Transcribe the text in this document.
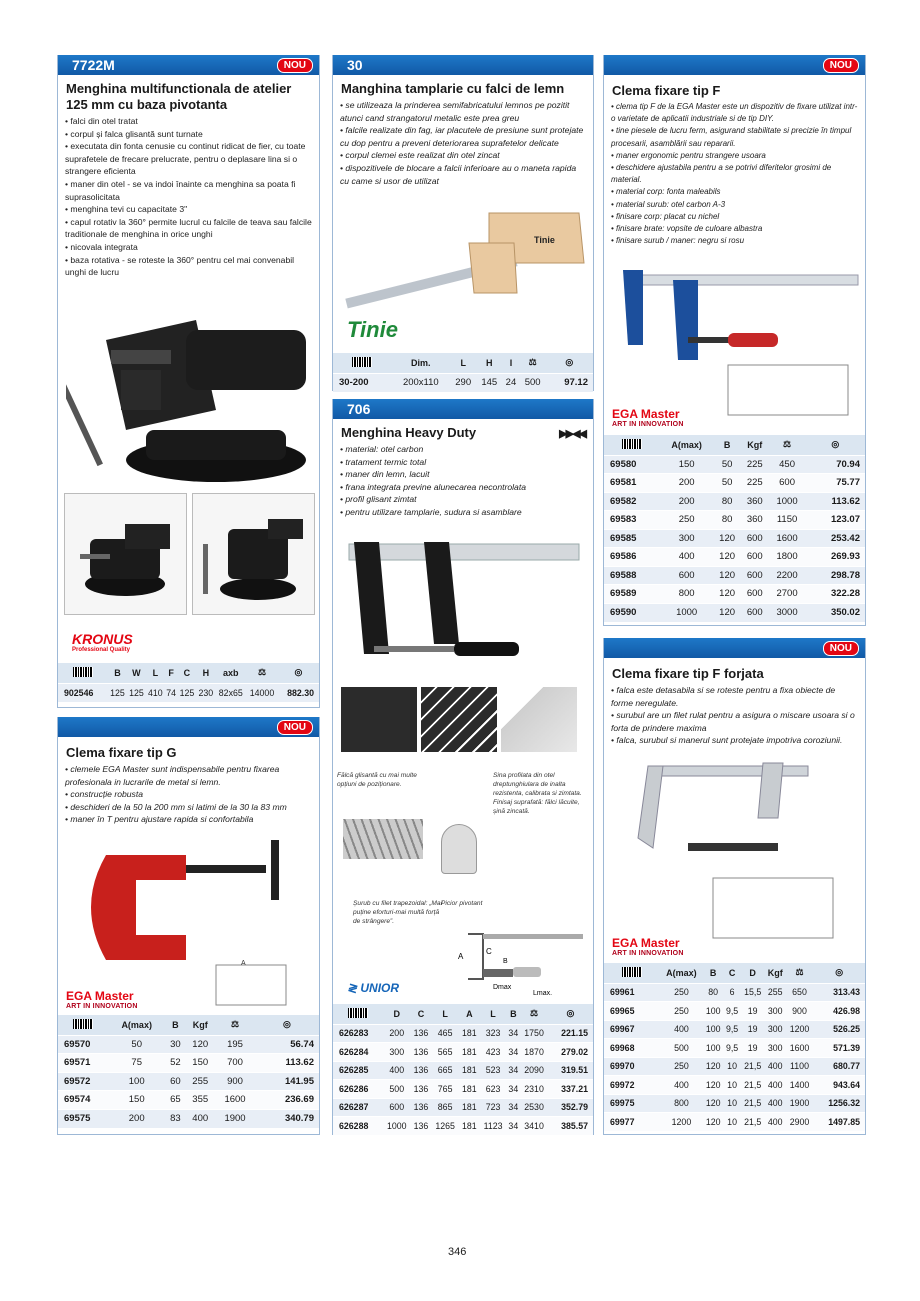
7722M	NOU
Menghina multifunctionala de atelier 125 mm cu baza pivotanta
• falci din otel tratat
• corpul și falca glisantă sunt turnate
• executata din fonta cenusie cu continut ridicat de fier, cu toate suprafetele de frecare prelucrate, pentru o deplasare lina si o strangere eficienta
• maner din otel - se va indoi înainte ca menghina sa poata fi suprasolicitata
• menghina tevi cu capacitate 3"
• capul rotativ la 360° permite lucrul cu falcile de teava sau falcile traditionale de menghina in orice unghi
• nicovala integrata
• baza rotativa - se roteste la 360° pentru cel mai convenabil unghi de lucru
KRONUS
Professional Quality
	B	W	L	F	C	H	axb	⚖	◎
902546	125	125	410	74	125	230	82x65	14000	882.30
NOU
Clema fixare tip G
• clemele EGA Master sunt indispensabile pentru fixarea profesionala in lucrarile de metal si lemn.
• construcție robusta
• deschideri de la 50 la 200 mm si latimi de la 30 la 83 mm
• maner în T pentru ajustare rapida si confortabila
A
EGA Master
ART IN INNOVATION
	A(max)	B	Kgf	⚖	◎
69570	50	30	120	195	56.74
69571	75	52	150	700	113.62
69572	100	60	255	900	141.95
69574	150	65	355	1600	236.69
69575	200	83	400	1900	340.79
30
Manghina tamplarie cu falci de lemn
• se utilizeaza la prinderea semifabricatului lemnos pe pozitit atunci cand strangatorul metalic este prea greu
• falcile realizate din fag, iar placutele de presiune sunt protejate cu dop pentru a preveni deteriorarea suprafetelor delicate
• corpul clemei este realizat din otel zincat
• dispozitivele de blocare a falcii inferioare au o maneta rapida cu came si usor de utilizat
Tinie
Tinie
	Dim.	L	H	l	⚖	◎
30-200	200x110	290	145	24	500	97.12
706
Menghina Heavy Duty	▶▶◀◀
• material: otel carbon
• tratament termic total
• maner din lemn, lacuit
• frana integrata previne alunecarea necontrolata
• profil glisant zimtat
• pentru utilizare tamplarie, sudura si asamblare
Fălcă glisantă cu mai multe opțiuni de poziționare.
Sina profilata din otel dreptunghiulara de inalta rezistenta, calibrata si zimtata. Finisaj suprafată: fălci lăcuite, șină zincată.
Șurub cu filet trapezoidal: „Mai puține eforturi-mai multă forță de strângere”.
Picior pivotant
A
C
B
Dmax
Lmax.
≷ UNIOR
	D	C	L	A	L	B	⚖	◎
626283	200	136	465	181	323	34	1750	221.15
626284	300	136	565	181	423	34	1870	279.02
626285	400	136	665	181	523	34	2090	319.51
626286	500	136	765	181	623	34	2310	337.21
626287	600	136	865	181	723	34	2530	352.79
626288	1000	136	1265	181	1123	34	3410	385.57
NOU
Clema fixare tip F
• clema tip F de la EGA Master este un dispozitiv de fixare utilizat intr-o varietate de aplicatii industriale si de tip DIY.
• tine piesele de lucru ferm, asigurand stabilitate si precizie în timpul procesarii, asamblării sau repararii.
• maner ergonomic pentru strangere usoara
• deschidere ajustabila pentru a se potrivi diferitelor grosimi de material.
• material corp: fonta maleabils
• material surub: otel carbon A-3
• finisare corp: placat cu nichel
• finisare brate: vopsite de culoare albastra
• finisare surub / maner: negru si rosu
EGA Master
ART IN INNOVATION
	A(max)	B	Kgf	⚖	◎
69580	150	50	225	450	70.94
69581	200	50	225	600	75.77
69582	200	80	360	1000	113.62
69583	250	80	360	1150	123.07
69585	300	120	600	1600	253.42
69586	400	120	600	1800	269.93
69588	600	120	600	2200	298.78
69589	800	120	600	2700	322.28
69590	1000	120	600	3000	350.02
NOU
Clema fixare tip F forjata
• falca este detasabila si se roteste pentru a fixa obiecte de forme neregulate.
• surubul are un filet rulat pentru a asigura o miscare usoara si o forta de prindere maxima
• falca, surubul si manerul sunt protejate impotriva coroziunii.
EGA Master
ART IN INNOVATION
	A(max)	B	C	D	Kgf	⚖	◎
69961	250	80	6	15,5	255	650	313.43
69965	250	100	9,5	19	300	900	426.98
69967	400	100	9,5	19	300	1200	526.25
69968	500	100	9,5	19	300	1600	571.39
69970	250	120	10	21,5	400	1100	680.77
69972	400	120	10	21,5	400	1400	943.64
69975	800	120	10	21,5	400	1900	1256.32
69977	1200	120	10	21,5	400	2900	1497.85
346
